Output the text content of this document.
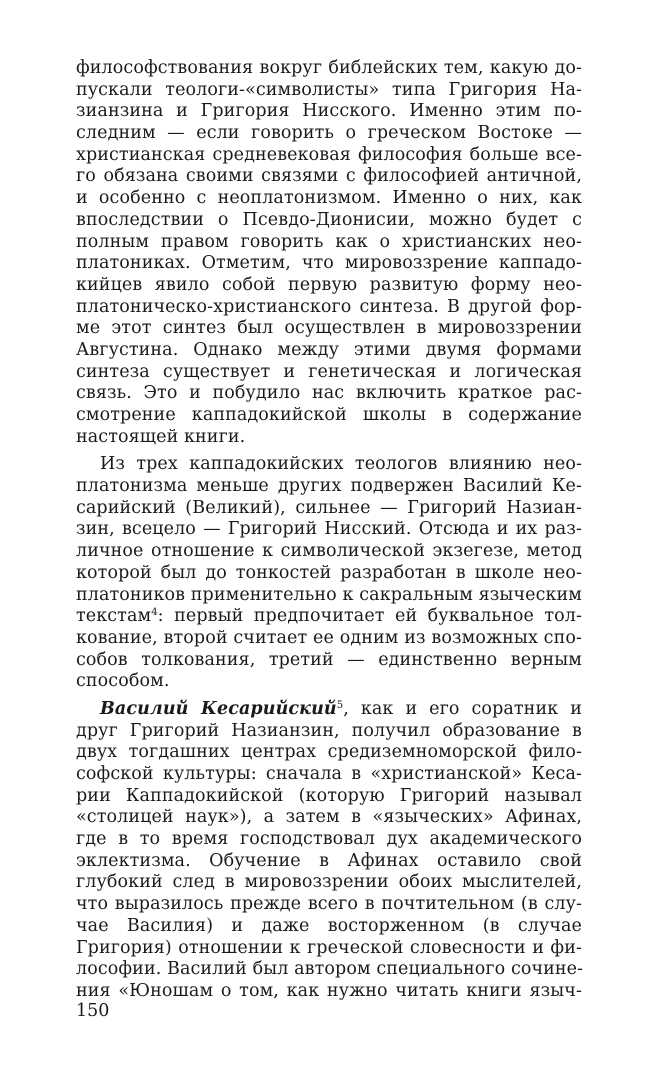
философствования вокруг библейских тем, какую до-
пускали теологи-«символисты» типа Григория На-
зианзина и Григория Нисского. Именно этим по-
следним — если говорить о греческом Востоке —
христианская средневековая философия больше все-
го обязана своими связями с философией античной,
и особенно с неоплатонизмом. Именно о них, как
впоследствии о Псевдо-Дионисии, можно будет с
полным правом говорить как о христианских нео-
платониках. Отметим, что мировоззрение каппадо-
кийцев явило собой первую развитую форму нео-
платоническо-христианского синтеза. В другой фор-
ме этот синтез был осуществлен в мировоззрении
Августина. Однако между этими двумя формами
синтеза существует и генетическая и логическая
связь. Это и побудило нас включить краткое рас-
смотрение каппадокийской школы в содержание
настоящей книги.
Из трех каппадокийских теологов влиянию нео-
платонизма меньше других подвержен Василий Ке-
сарийский (Великий), сильнее — Григорий Назиан-
зин, всецело — Григорий Нисский. Отсюда и их раз-
личное отношение к символической экзегезе, метод
которой был до тонкостей разработан в школе нео-
платоников применительно к сакральным языческим
текстам$^4$: первый предпочитает ей буквальное тол-
кование, второй считает ее одним из возможных спо-
собов толкования, третий — единственно верным
способом.
Василий Кесарийский$^5$, как и его соратник и
друг Григорий Назианзин, получил образование в
двух тогдашних центрах средиземноморской фило-
софской культуры: сначала в «христианской» Кеса-
рии Каппадокийской (которую Григорий называл
«столицей наук»), а затем в «языческих» Афинах,
где в то время господствовал дух академического
эклектизма. Обучение в Афинах оставило свой
глубокий след в мировоззрении обоих мыслителей,
что выразилось прежде всего в почтительном (в слу-
чае Василия) и даже восторженном (в случае
Григория) отношении к греческой словесности и фи-
лософии. Василий был автором специального сочине-
ния «Юношам о том, как нужно читать книги языч-
150
